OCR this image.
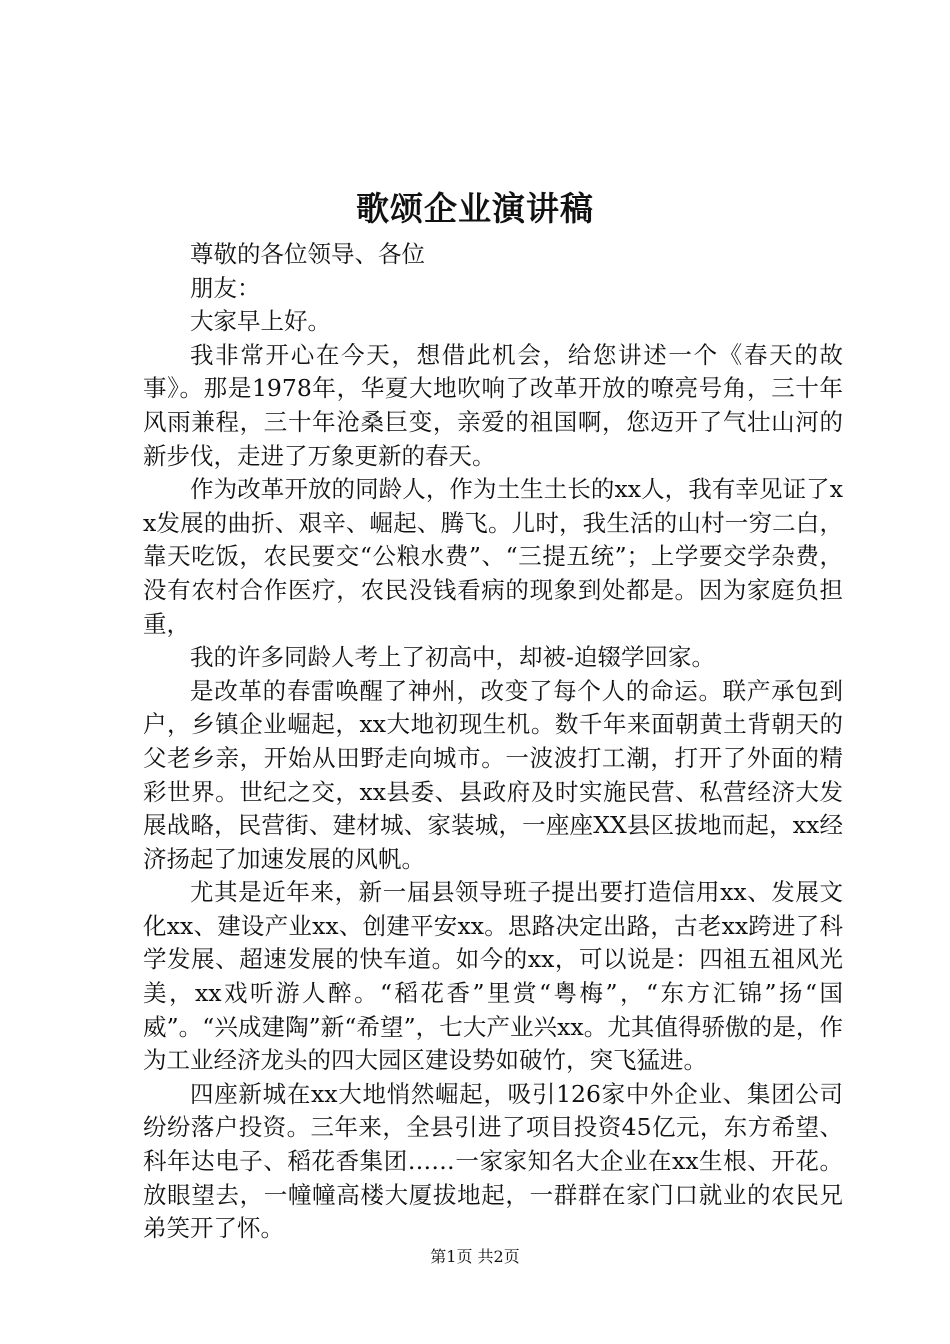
歌颂企业演讲稿

尊敬的各位领导、各位

朋友：

大家早上好。

我非常开心在今天，想借此机会，给您讲述一个《春天的故事》。那是1978年，华夏大地吹响了改革开放的嘹亮号角，三十年风雨兼程，三十年沧桑巨变，亲爱的祖国啊，您迈开了气壮山河的新步伐，走进了万象更新的春天。

作为改革开放的同龄人，作为土生土长的xx人，我有幸见证了xx发展的曲折、艰辛、崛起、腾飞。儿时，我生活的山村一穷二白，靠天吃饭，农民要交“公粮水费”、“三提五统”；上学要交学杂费，没有农村合作医疗，农民没钱看病的现象到处都是。因为家庭负担重，

我的许多同龄人考上了初高中，却被-迫辍学回家。

是改革的春雷唤醒了神州，改变了每个人的命运。联产承包到户，乡镇企业崛起，xx大地初现生机。数千年来面朝黄土背朝天的父老乡亲，开始从田野走向城市。一波波打工潮，打开了外面的精彩世界。世纪之交，xx县委、县政府及时实施民营、私营经济大发展战略，民营街、建材城、家装城，一座座XX县区拔地而起，xx经济扬起了加速发展的风帆。

尤其是近年来，新一届县领导班子提出要打造信用xx、发展文化xx、建设产业xx、创建平安xx。思路决定出路，古老xx跨进了科学发展、超速发展的快车道。如今的xx，可以说是：四祖五祖风光美，xx戏听游人醉。“稻花香”里赏“粤梅”，“东方汇锦”扬“国威”。“兴成建陶”新“希望”，七大产业兴xx。尤其值得骄傲的是，作为工业经济龙头的四大园区建设势如破竹，突飞猛进。

四座新城在xx大地悄然崛起，吸引126家中外企业、集团公司纷纷落户投资。三年来，全县引进了项目投资45亿元，东方希望、科年达电子、稻花香集团……一家家知名大企业在xx生根、开花。放眼望去，一幢幢高楼大厦拔地起，一群群在家门口就业的农民兄弟笑开了怀。

第1页 共2页
